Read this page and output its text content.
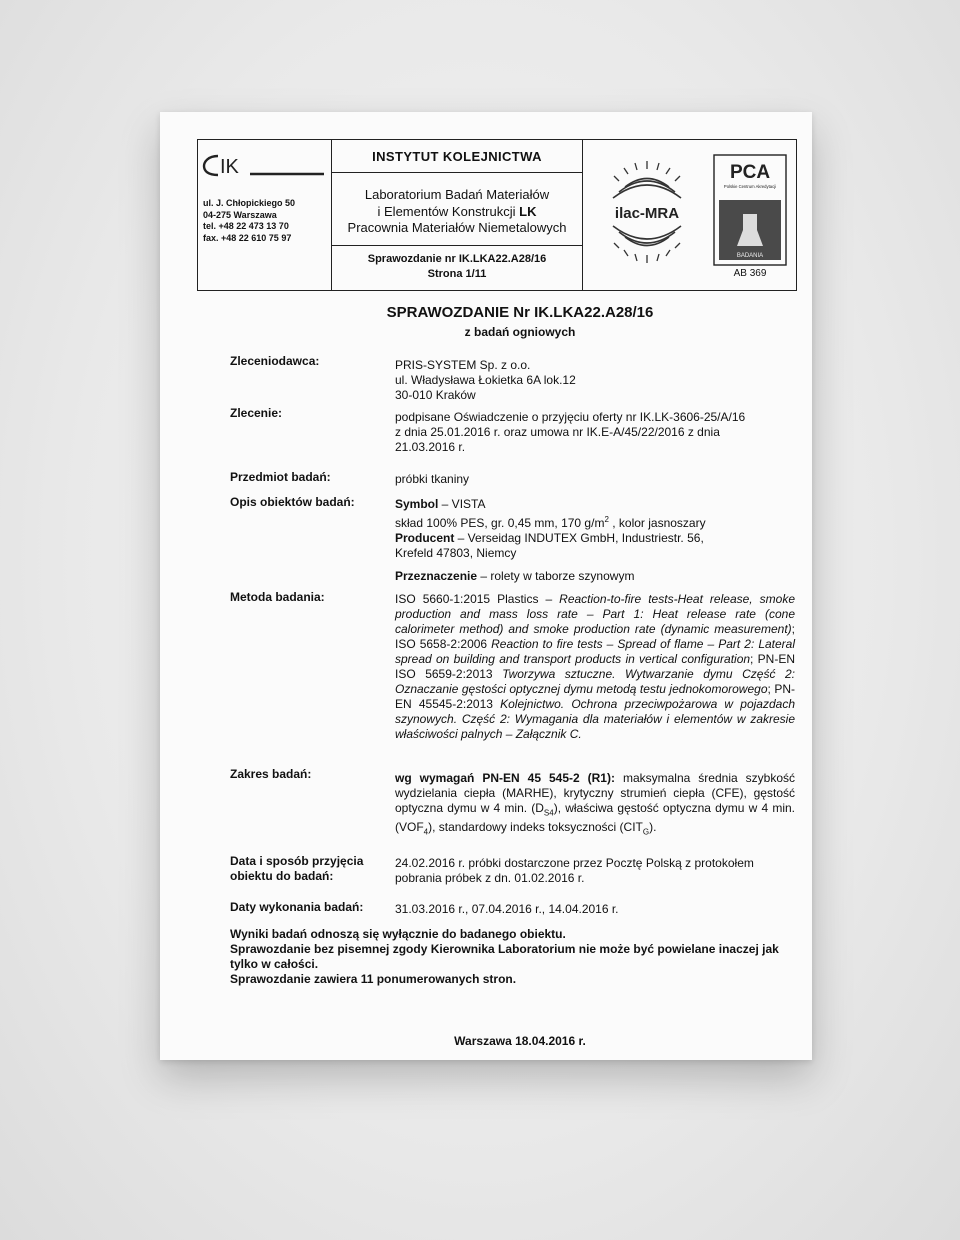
IK
ul. J. Chłopickiego 50
04-275 Warszawa
tel. +48 22 473 13 70
fax. +48 22 610 75 97
INSTYTUT KOLEJNICTWA
Laboratorium Badań Materiałów
i Elementów Konstrukcji LK
Pracownia Materiałów Niemetalowych
Sprawozdanie nr IK.LKA22.A28/16
Strona 1/11
ilac-MRA
PCA
Polskie Centrum Akredytacji
BADANIA
AB 369
SPRAWOZDANIE Nr IK.LKA22.A28/16
z badań ogniowych
Zleceniodawca:	PRIS-SYSTEM Sp. z o.o.
ul. Władysława Łokietka 6A lok.12
30-010 Kraków
Zlecenie:	podpisane Oświadczenie o przyjęciu oferty nr IK.LK-3606-25/A/16
z dnia 25.01.2016 r. oraz umowa nr IK.E-A/45/22/2016 z dnia
21.03.2016 r.
Przedmiot badań:	próbki tkaniny
Opis obiektów badań:	Symbol – VISTA
skład 100% PES, gr. 0,45 mm, 170 $g/m^2$ , kolor jasnoszary
Producent – Verseidag INDUTEX GmbH, Industriestr. 56,
Krefeld 47803, Niemcy
Przeznaczenie – rolety w taborze szynowym
Metoda badania:	ISO 5660-1:2015 Plastics – Reaction-to-fire tests-Heat release, smoke production and mass loss rate – Part 1: Heat release rate (cone calorimeter method) and smoke production rate (dynamic measurement); ISO 5658-2:2006 Reaction to fire tests – Spread of flame – Part 2: Lateral spread on building and transport products in vertical configuration; PN-EN ISO 5659-2:2013 Tworzywa sztuczne. Wytwarzanie dymu Część 2: Oznaczanie gęstości optycznej dymu metodą testu jednokomorowego; PN-EN 45545-2:2013 Kolejnictwo. Ochrona przeciwpożarowa w pojazdach szynowych. Część 2: Wymagania dla materiałów i elementów w zakresie właściwości palnych – Załącznik C.
Zakres badań:	wg wymagań PN-EN 45 545-2 (R1): maksymalna średnia szybkość wydzielania ciepła (MARHE), krytyczny strumień ciepła (CFE), gęstość optyczna dymu w 4 min. $(D_{S4})$, właściwa gęstość optyczna dymu w 4 min. $(VOF_4)$, standardowy indeks toksyczności $(CIT_G)$.
Data i sposób przyjęcia
obiektu do badań:
24.02.2016 r. próbki dostarczone przez Pocztę Polską z protokołem
pobrania próbek z dn. 01.02.2016 r.
Daty wykonania badań:	31.03.2016 r., 07.04.2016 r., 14.04.2016 r.
Wyniki badań odnoszą się wyłącznie do badanego obiektu.
Sprawozdanie bez pisemnej zgody Kierownika Laboratorium nie może być powielane inaczej jak tylko w całości.
Sprawozdanie zawiera 11 ponumerowanych stron.
Warszawa 18.04.2016 r.
